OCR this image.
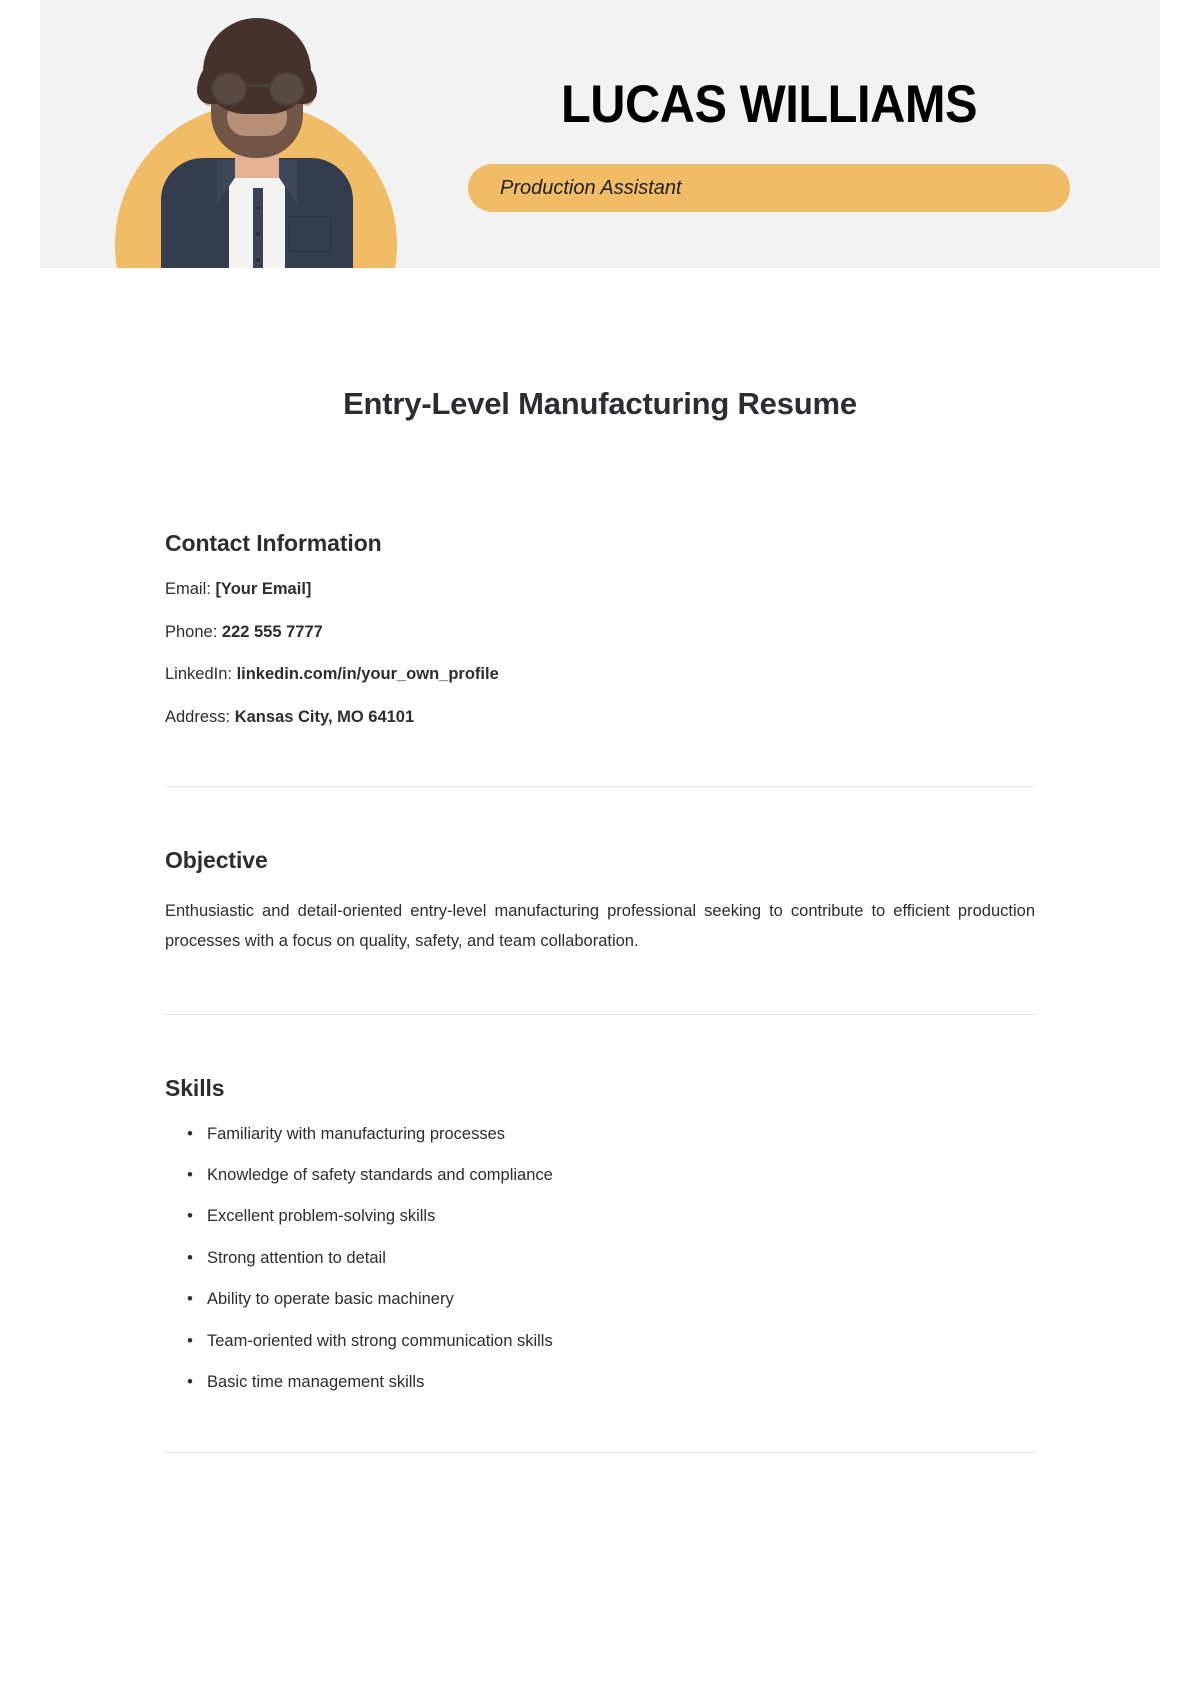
LUCAS WILLIAMS
Production Assistant
Entry-Level Manufacturing Resume
Contact Information
Email: [Your Email]
Phone: 222 555 7777
LinkedIn: linkedin.com/in/your_own_profile
Address: Kansas City, MO 64101
Objective

Enthusiastic and detail-oriented entry-level manufacturing professional seeking to contribute to efficient production processes with a focus on quality, safety, and team collaboration.

Skills
• Familiarity with manufacturing processes
• Knowledge of safety standards and compliance
• Excellent problem-solving skills
• Strong attention to detail
• Ability to operate basic machinery
• Team-oriented with strong communication skills
• Basic time management skills
